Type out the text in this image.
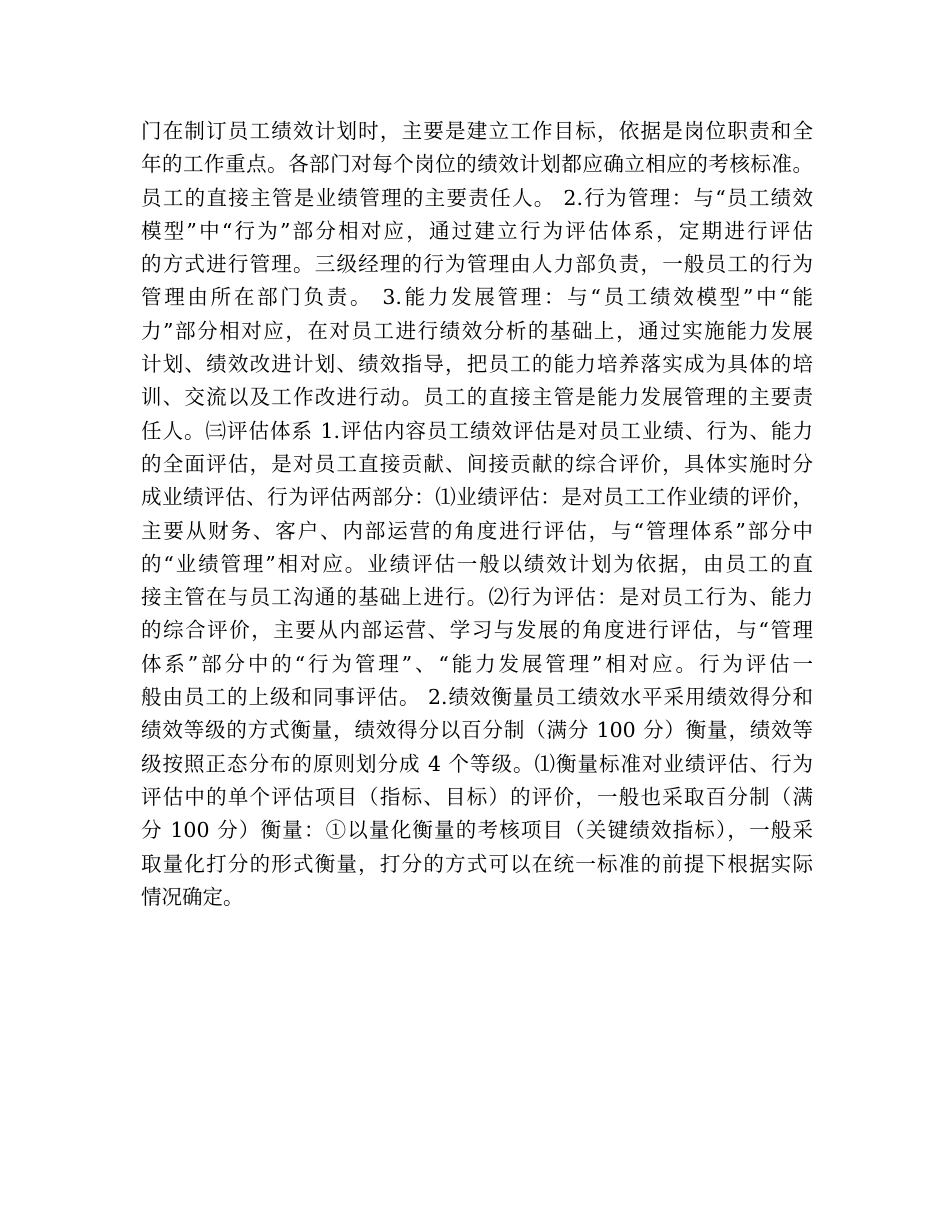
门在制订员工绩效计划时，主要是建立工作目标，依据是岗位职责和全
年的工作重点。各部门对每个岗位的绩效计划都应确立相应的考核标准。
员工的直接主管是业绩管理的主要责任人。 2.行为管理：与“员工绩效
模型”中“行为”部分相对应，通过建立行为评估体系，定期进行评估
的方式进行管理。三级经理的行为管理由人力部负责，一般员工的行为
管理由所在部门负责。 3.能力发展管理：与“员工绩效模型”中“能
力”部分相对应，在对员工进行绩效分析的基础上，通过实施能力发展
计划、绩效改进计划、绩效指导，把员工的能力培养落实成为具体的培
训、交流以及工作改进行动。员工的直接主管是能力发展管理的主要责
任人。㈢评估体系 1.评估内容员工绩效评估是对员工业绩、行为、能力
的全面评估，是对员工直接贡献、间接贡献的综合评价，具体实施时分
成业绩评估、行为评估两部分：⑴业绩评估：是对员工工作业绩的评价，
主要从财务、客户、内部运营的角度进行评估，与“管理体系”部分中
的“业绩管理”相对应。业绩评估一般以绩效计划为依据，由员工的直
接主管在与员工沟通的基础上进行。⑵行为评估：是对员工行为、能力
的综合评价，主要从内部运营、学习与发展的角度进行评估，与“管理
体系”部分中的“行为管理”、“能力发展管理”相对应。行为评估一
般由员工的上级和同事评估。 2.绩效衡量员工绩效水平采用绩效得分和
绩效等级的方式衡量，绩效得分以百分制（满分 100 分）衡量，绩效等
级按照正态分布的原则划分成 4 个等级。⑴衡量标准对业绩评估、行为
评估中的单个评估项目（指标、目标）的评价，一般也采取百分制（满
分 100 分）衡量：①以量化衡量的考核项目（关键绩效指标），一般采
取量化打分的形式衡量，打分的方式可以在统一标准的前提下根据实际
情况确定。
